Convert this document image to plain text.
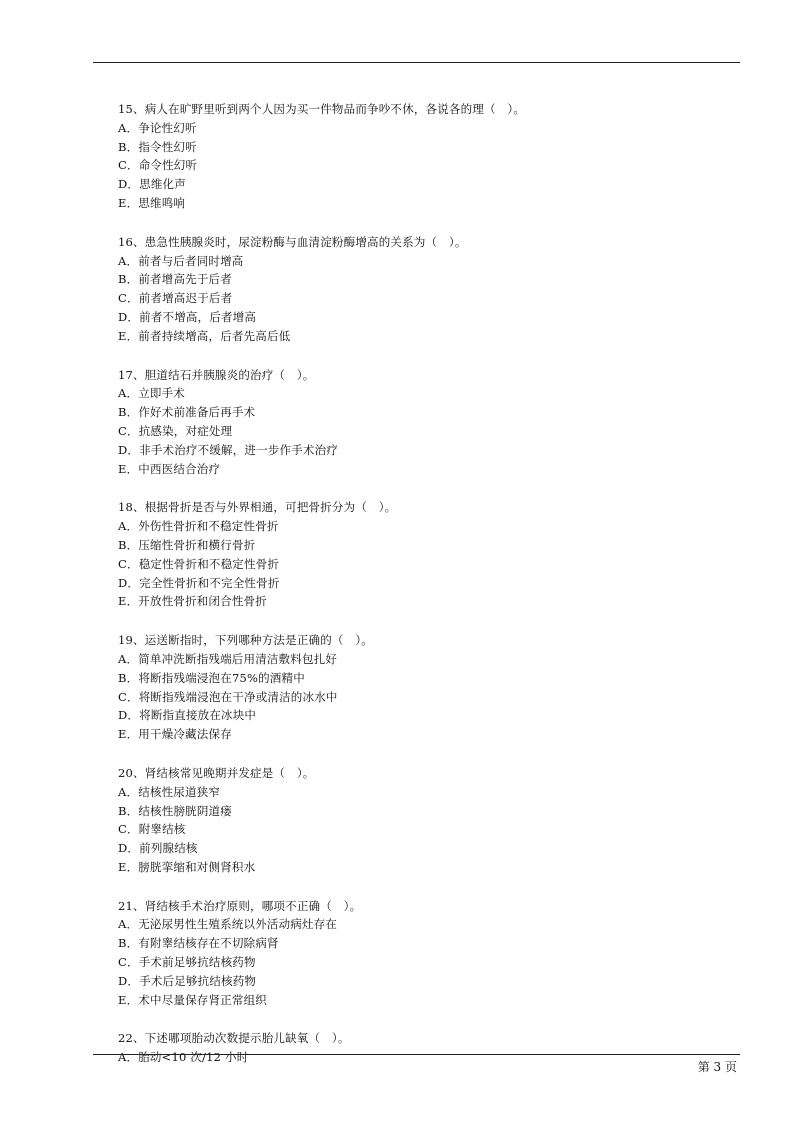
15、病人在旷野里听到两个人因为买一件物品而争吵不休，各说各的理（　）。
A．争论性幻听
B．指令性幻听
C．命令性幻听
D．思维化声
E．思维鸣响
16、患急性胰腺炎时，尿淀粉酶与血清淀粉酶增高的关系为（　）。
A．前者与后者同时增高
B．前者增高先于后者
C．前者增高迟于后者
D．前者不增高，后者增高
E．前者持续增高，后者先高后低
17、胆道结石并胰腺炎的治疗（　）。
A．立即手术
B．作好术前准备后再手术
C．抗感染，对症处理
D．非手术治疗不缓解，进一步作手术治疗
E．中西医结合治疗
18、根据骨折是否与外界相通，可把骨折分为（　）。
A．外伤性骨折和不稳定性骨折
B．压缩性骨折和横行骨折
C．稳定性骨折和不稳定性骨折
D．完全性骨折和不完全性骨折
E．开放性骨折和闭合性骨折
19、运送断指时，下列哪种方法是正确的（　）。
A．简单冲洗断指残端后用清洁敷料包扎好
B．将断指残端浸泡在75%的酒精中
C．将断指残端浸泡在干净或清洁的冰水中
D．将断指直接放在冰块中
E．用干燥冷藏法保存
20、肾结核常见晚期并发症是（　）。
A．结核性尿道狭窄
B．结核性膀胱阴道瘘
C．附睾结核
D．前列腺结核
E．膀胱挛缩和对侧肾积水
21、肾结核手术治疗原则，哪项不正确（　）。
A．无泌尿男性生殖系统以外活动病灶存在
B．有附睾结核存在不切除病肾
C．手术前足够抗结核药物
D．手术后足够抗结核药物
E．术中尽量保存肾正常组织
22、下述哪项胎动次数提示胎儿缺氧（　）。
A．胎动<10 次/12 小时
第 3 页
